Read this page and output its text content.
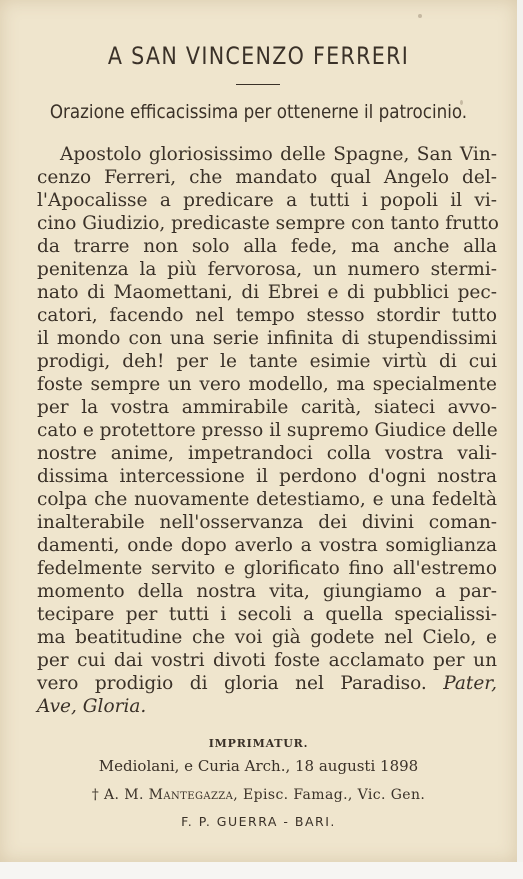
A SAN VINCENZO FERRERI
Orazione efficacissima per ottenerne il patrocinio.
Apostolo gloriosissimo delle Spagne, San Vin-
cenzo Ferreri, che mandato qual Angelo del-
l'Apocalisse a predicare a tutti i popoli il vi-
cino Giudizio, predicaste sempre con tanto frutto
da trarre non solo alla fede, ma anche alla
penitenza la più fervorosa, un numero stermi-
nato di Maomettani, di Ebrei e di pubblici pec-
catori, facendo nel tempo stesso stordir tutto
il mondo con una serie infinita di stupendissimi
prodigi, deh! per le tante esimie virtù di cui
foste sempre un vero modello, ma specialmente
per la vostra ammirabile carità, siateci avvo-
cato e protettore presso il supremo Giudice delle
nostre anime, impetrandoci colla vostra vali-
dissima intercessione il perdono d'ogni nostra
colpa che nuovamente detestiamo, e una fedeltà
inalterabile nell'osservanza dei divini coman-
damenti, onde dopo averlo a vostra somiglianza
fedelmente servito e glorificato fino all'estremo
momento della nostra vita, giungiamo a par-
tecipare per tutti i secoli a quella specialissi-
ma beatitudine che voi già godete nel Cielo, e
per cui dai vostri divoti foste acclamato per un
vero prodigio di gloria nel Paradiso. Pater,
Ave, Gloria.
IMPRIMATUR.
Mediolani, e Curia Arch., 18 augusti 1898
† A. M. Mantegazza, Episc. Famag., Vic. Gen.
F. P. GUERRA - BARI.
